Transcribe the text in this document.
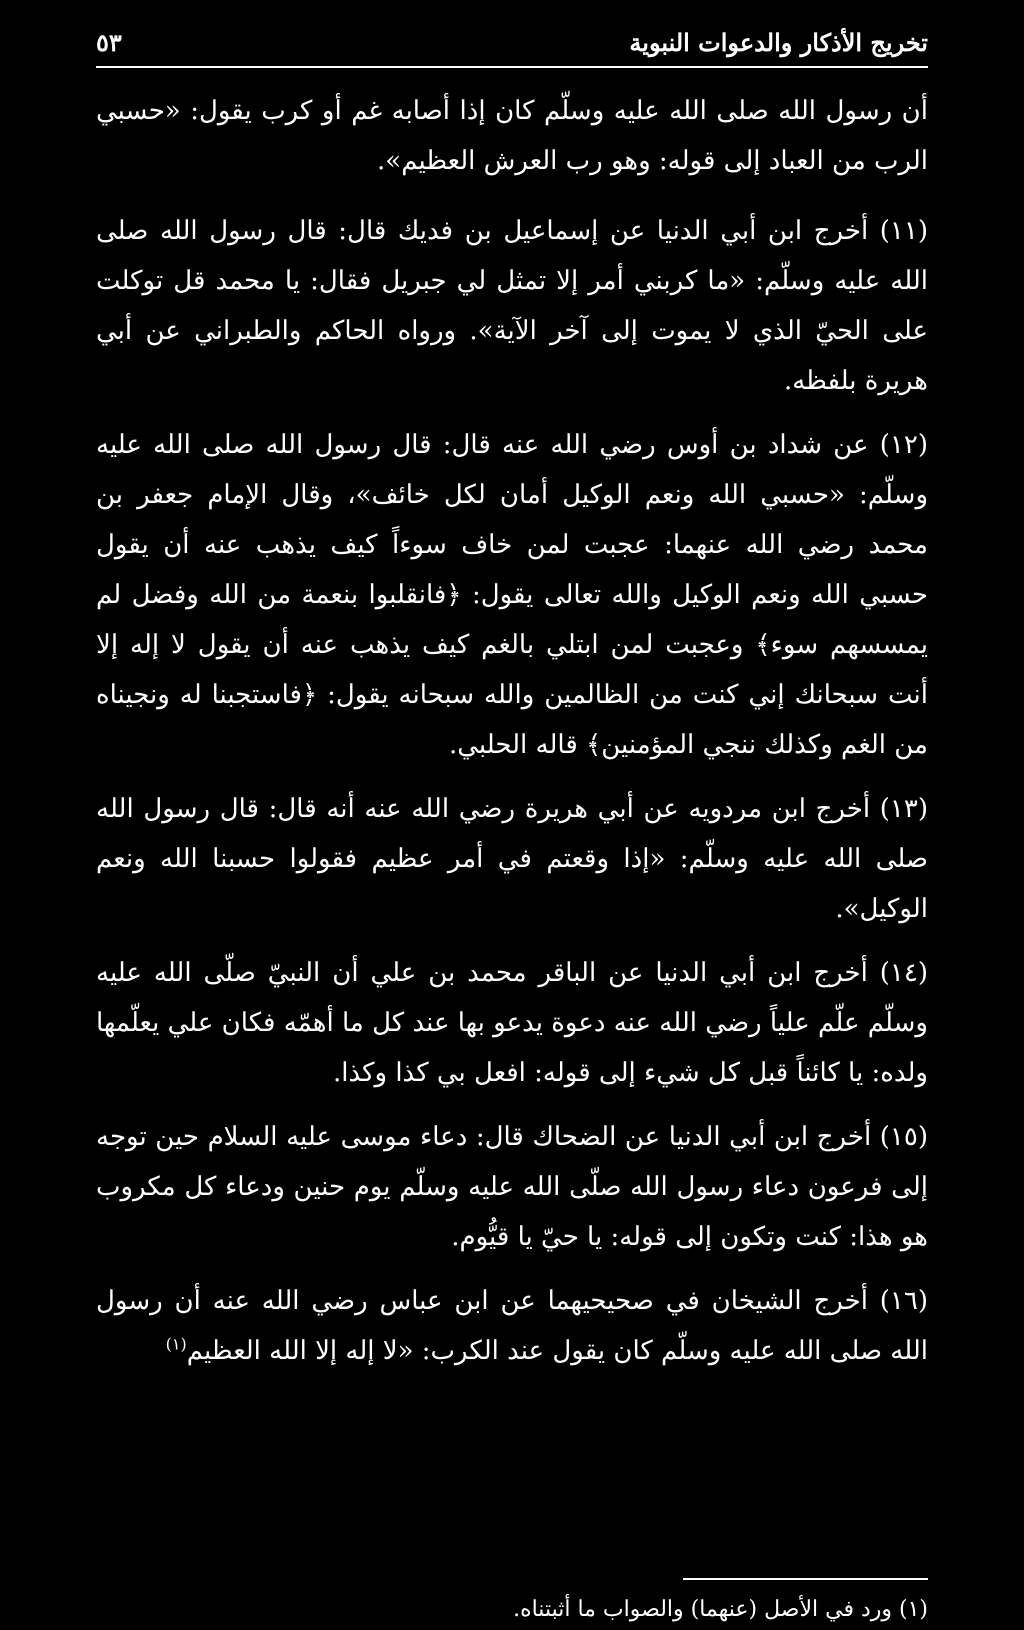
تخريج الأذكار والدعوات النبوية
٥٣

أن رسول الله صلى الله عليه وسلّم كان إذا أصابه غم أو كرب يقول: «حسبي الرب من العباد إلى قوله: وهو رب العرش العظيم».

(١١) أخرج ابن أبي الدنيا عن إسماعيل بن فديك قال: قال رسول الله صلى الله عليه وسلّم: «ما كربني أمر إلا تمثل لي جبريل فقال: يا محمد قل توكلت على الحيّ الذي لا يموت إلى آخر الآية». ورواه الحاكم والطبراني عن أبي هريرة بلفظه.

(١٢) عن شداد بن أوس رضي الله عنه قال: قال رسول الله صلى الله عليه وسلّم: «حسبي الله ونعم الوكيل أمان لكل خائف»، وقال الإمام جعفر بن محمد رضي الله عنهما: عجبت لمن خاف سوءاً كيف يذهب عنه أن يقول حسبي الله ونعم الوكيل والله تعالى يقول: ﴿فانقلبوا بنعمة من الله وفضل لم يمسسهم سوء﴾ وعجبت لمن ابتلي بالغم كيف يذهب عنه أن يقول لا إله إلا أنت سبحانك إني كنت من الظالمين والله سبحانه يقول: ﴿فاستجبنا له ونجيناه من الغم وكذلك ننجي المؤمنين﴾ قاله الحلبي.

(١٣) أخرج ابن مردويه عن أبي هريرة رضي الله عنه أنه قال: قال رسول الله صلى الله عليه وسلّم: «إذا وقعتم في أمر عظيم فقولوا حسبنا الله ونعم الوكيل».

(١٤) أخرج ابن أبي الدنيا عن الباقر محمد بن علي أن النبيّ صلّى الله عليه وسلّم علّم علياً رضي الله عنه دعوة يدعو بها عند كل ما أهمّه فكان علي يعلّمها ولده: يا كائناً قبل كل شيء إلى قوله: افعل بي كذا وكذا.

(١٥) أخرج ابن أبي الدنيا عن الضحاك قال: دعاء موسى عليه السلام حين توجه إلى فرعون دعاء رسول الله صلّى الله عليه وسلّم يوم حنين ودعاء كل مكروب هو هذا: كنت وتكون إلى قوله: يا حيّ يا قيُّوم.

(١٦) أخرج الشيخان في صحيحيهما عن ابن عباس رضي الله عنه أن رسول الله صلى الله عليه وسلّم كان يقول عند الكرب: «لا إله إلا الله العظيم$^{(١)}$

(١) ورد في الأصل (عنهما) والصواب ما أثبتناه.
